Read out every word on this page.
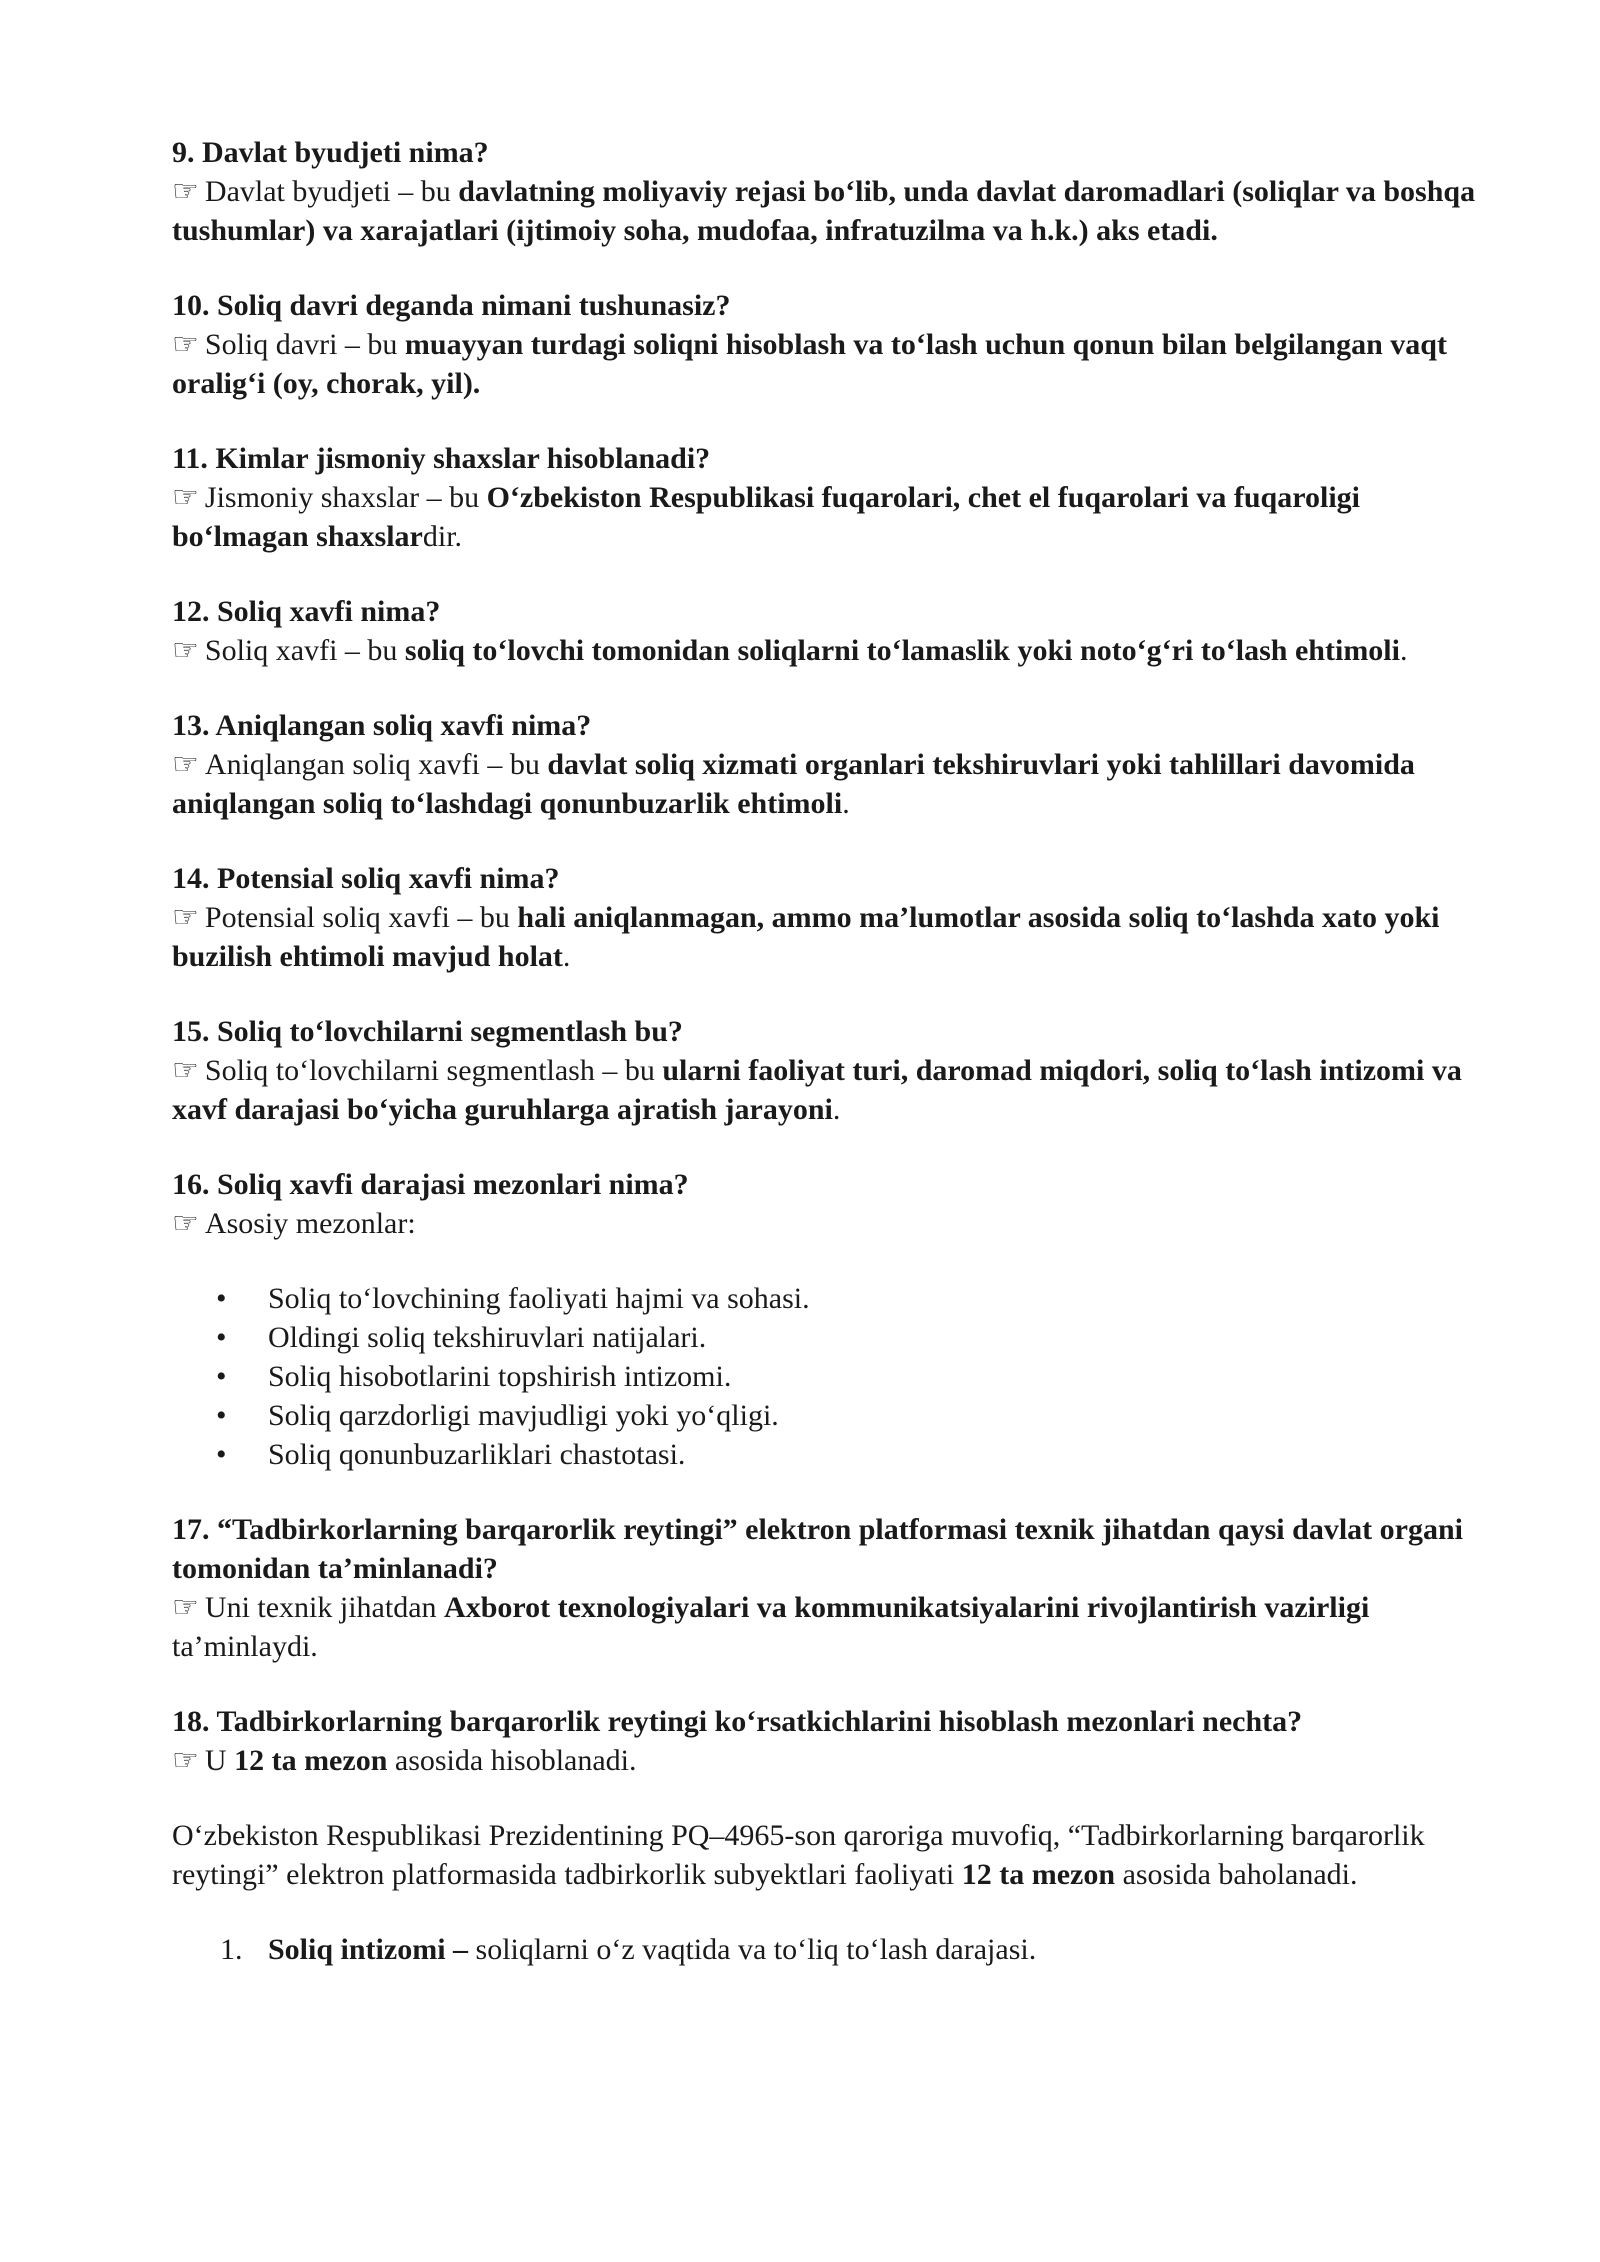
9. Davlat byudjeti nima?

☞ Davlat byudjeti – bu davlatning moliyaviy rejasi bo‘lib, unda davlat daromadlari (soliqlar va boshqa tushumlar) va xarajatlari (ijtimoiy soha, mudofaa, infratuzilma va h.k.) aks etadi.

10. Soliq davri deganda nimani tushunasiz?

☞ Soliq davri – bu muayyan turdagi soliqni hisoblash va to‘lash uchun qonun bilan belgilangan vaqt oralig‘i (oy, chorak, yil).

11. Kimlar jismoniy shaxslar hisoblanadi?

☞ Jismoniy shaxslar – bu O‘zbekiston Respublikasi fuqarolari, chet el fuqarolari va fuqaroligi bo‘lmagan shaxslardir.

12. Soliq xavfi nima?

☞ Soliq xavfi – bu soliq to‘lovchi tomonidan soliqlarni to‘lamaslik yoki noto‘g‘ri to‘lash ehtimoli.

13. Aniqlangan soliq xavfi nima?

☞ Aniqlangan soliq xavfi – bu davlat soliq xizmati organlari tekshiruvlari yoki tahlillari davomida aniqlangan soliq to‘lashdagi qonunbuzarlik ehtimoli.

14. Potensial soliq xavfi nima?

☞ Potensial soliq xavfi – bu hali aniqlanmagan, ammo ma’lumotlar asosida soliq to‘lashda xato yoki buzilish ehtimoli mavjud holat.

15. Soliq to‘lovchilarni segmentlash bu?

☞ Soliq to‘lovchilarni segmentlash – bu ularni faoliyat turi, daromad miqdori, soliq to‘lash intizomi va xavf darajasi bo‘yicha guruhlarga ajratish jarayoni.

16. Soliq xavfi darajasi mezonlari nima?

☞ Asosiy mezonlar:

• Soliq to‘lovchining faoliyati hajmi va sohasi.
• Oldingi soliq tekshiruvlari natijalari.
• Soliq hisobotlarini topshirish intizomi.
• Soliq qarzdorligi mavjudligi yoki yo‘qligi.
• Soliq qonunbuzarliklari chastotasi.

17. “Tadbirkorlarning barqarorlik reytingi” elektron platformasi texnik jihatdan qaysi davlat organi tomonidan ta’minlanadi?

☞ Uni texnik jihatdan Axborot texnologiyalari va kommunikatsiyalarini rivojlantirish vazirligi ta’minlaydi.

18. Tadbirkorlarning barqarorlik reytingi ko‘rsatkichlarini hisoblash mezonlari nechta?

☞ U 12 ta mezon asosida hisoblanadi.

O‘zbekiston Respublikasi Prezidentining PQ–4965-son qaroriga muvofiq, “Tadbirkorlarning barqarorlik reytingi” elektron platformasida tadbirkorlik subyektlari faoliyati 12 ta mezon asosida baholanadi.

1. Soliq intizomi – soliqlarni o‘z vaqtida va to‘liq to‘lash darajasi.
